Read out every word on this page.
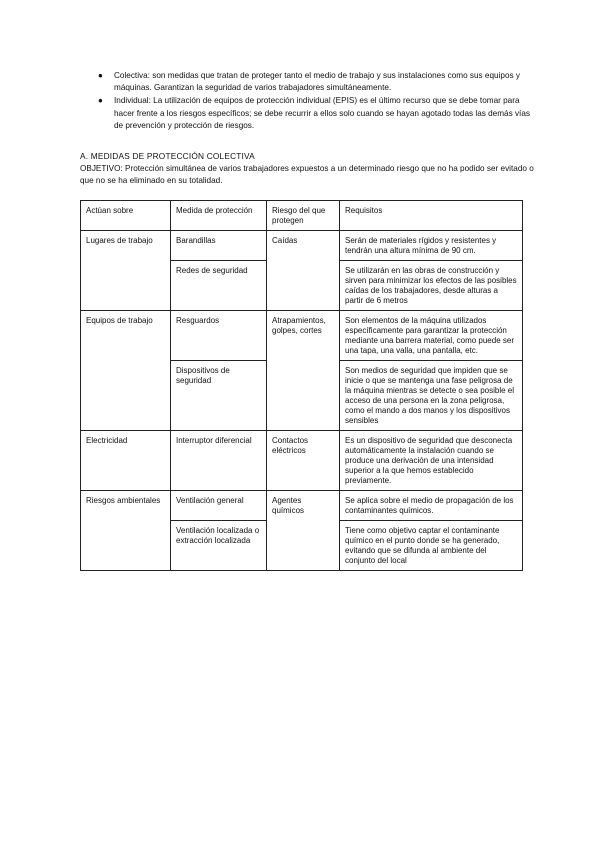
● Colectiva: son medidas que tratan de proteger tanto el medio de trabajo y sus instalaciones como sus equipos y máquinas. Garantizan la seguridad de varios trabajadores simultáneamente.
● Individual: La utilización de equipos de protección individual (EPIS) es el último recurso que se debe tomar para hacer frente a los riesgos específicos; se debe recurrir a ellos solo cuando se hayan agotado todas las demás vías de prevención y protección de riesgos.
A. MEDIDAS DE PROTECCIÓN COLECTIVA
OBJETIVO: Protección simultánea de varios trabajadores expuestos a un determinado riesgo que no ha podido ser evitado o que no se ha eliminado en su totalidad.
Actúan sobre	Medida de protección	Riesgo del que protegen	Requisitos
Lugares de trabajo	Barandillas	Caídas	Serán de materiales rígidos y resistentes y tendrán una altura mínima de 90 cm.
	Redes de seguridad		Se utilizarán en las obras de construcción y sirven para minimizar los efectos de las posibles caídas de los trabajadores, desde alturas a partir de 6 metros
Equipos de trabajo	Resguardos	Atrapamientos, golpes, cortes	Son elementos de la máquina utilizados específicamente para garantizar la protección mediante una barrera material, como puede ser una tapa, una valla, una pantalla, etc.
	Dispositivos de seguridad		Son medios de seguridad que impiden que se inicie o que se mantenga una fase peligrosa de la máquina mientras se detecte o sea posible el acceso de una persona en la zona peligrosa, como el mando a dos manos y los dispositivos sensibles
Electricidad	Interruptor diferencial	Contactos eléctricos	Es un dispositivo de seguridad que desconecta automáticamente la instalación cuando se produce una derivación de una intensidad superior a la que hemos establecido previamente.
Riesgos ambientales	Ventilación general	Agentes químicos	Se aplica sobre el medio de propagación de los contaminantes químicos.
	Ventilación localizada o extracción localizada		Tiene como objetivo captar el contaminante químico en el punto donde se ha generado, evitando que se difunda al ambiente del conjunto del local
